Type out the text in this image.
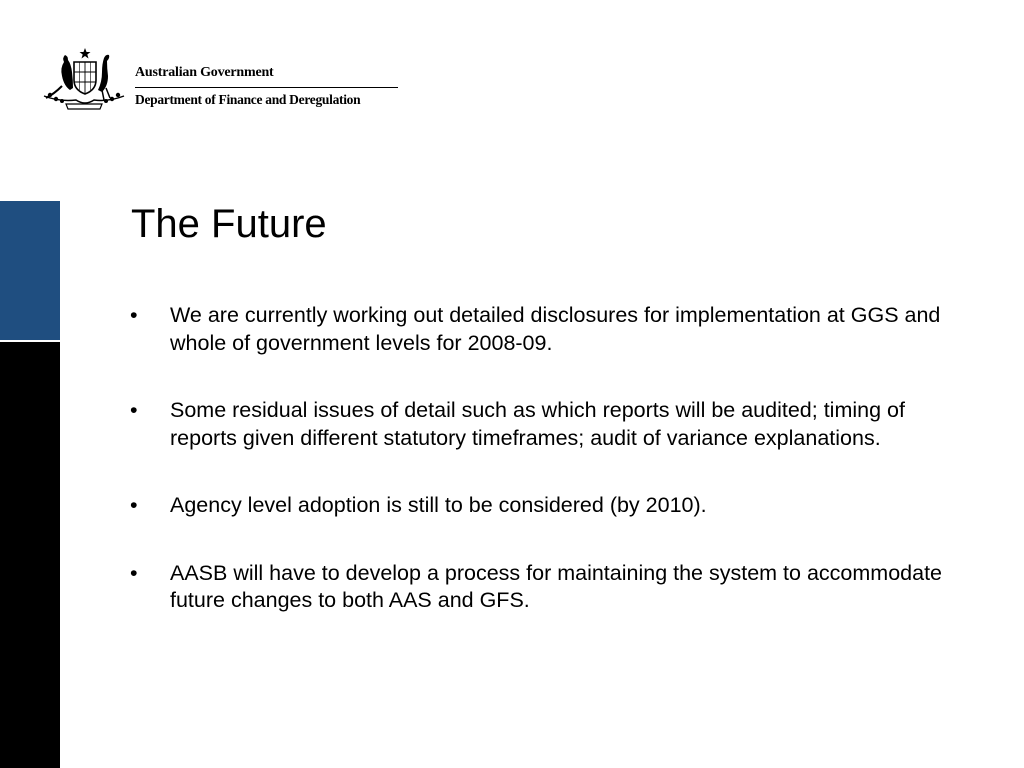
Australian Government
Department of Finance and Deregulation
The Future
• We are currently working out detailed disclosures for implementation at GGS and whole of government levels for 2008-09.
• Some residual issues of detail such as which reports will be audited; timing of reports given different statutory timeframes; audit of variance explanations.
• Agency level adoption is still to be considered (by 2010).
• AASB will have to develop a process for maintaining the system to accommodate future changes to both AAS and GFS.
